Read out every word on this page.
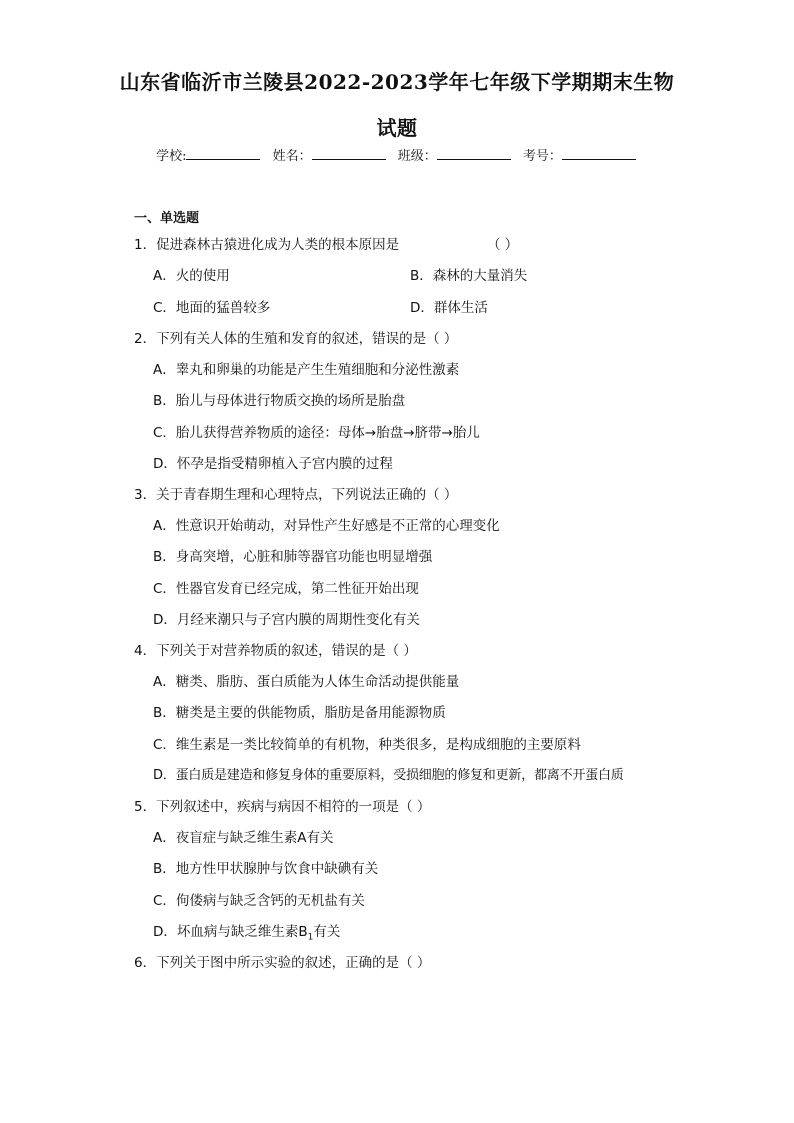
山东省临沂市兰陵县2022-2023学年七年级下学期期末生物
试题
学校:	姓名：	班级：	考号：
一、单选题
1．促进森林古猿进化成为人类的根本原因是	（ ）
A．火的使用	B．森林的大量消失
C．地面的猛兽较多	D．群体生活
2．下列有关人体的生殖和发育的叙述，错误的是（ ）
A．睾丸和卵巢的功能是产生生殖细胞和分泌性激素
B．胎儿与母体进行物质交换的场所是胎盘
C．胎儿获得营养物质的途径：母体→胎盘→脐带→胎儿
D．怀孕是指受精卵植入子宫内膜的过程
3．关于青春期生理和心理特点，下列说法正确的（ ）
A．性意识开始萌动，对异性产生好感是不正常的心理变化
B．身高突增，心脏和肺等器官功能也明显增强
C．性器官发育已经完成，第二性征开始出现
D．月经来潮只与子宫内膜的周期性变化有关
4．下列关于对营养物质的叙述，错误的是（ ）
A．糖类、脂肪、蛋白质能为人体生命活动提供能量
B．糖类是主要的供能物质，脂肪是备用能源物质
C．维生素是一类比较简单的有机物，种类很多，是构成细胞的主要原料
D．蛋白质是建造和修复身体的重要原料，受损细胞的修复和更新，都离不开蛋白质
5．下列叙述中，疾病与病因不相符的一项是（ ）
A．夜盲症与缺乏维生素A有关
B．地方性甲状腺肿与饮食中缺碘有关
C．佝偻病与缺乏含钙的无机盐有关
D．坏血病与缺乏维生素$B_1$有关
6．下列关于图中所示实验的叙述，正确的是（ ）
